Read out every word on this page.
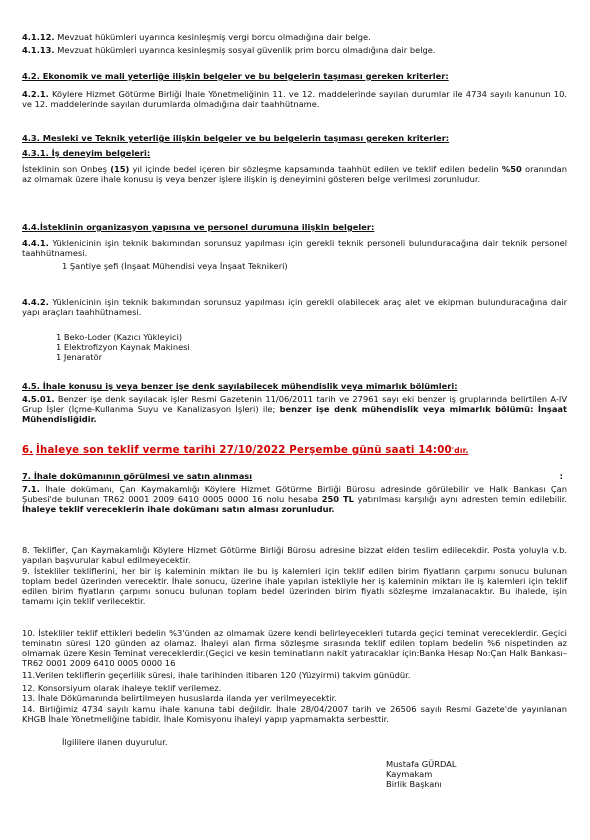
4.1.12. Mevzuat hükümleri uyarınca kesinleşmiş vergi borcu olmadığına dair belge.
4.1.13. Mevzuat hükümleri uyarınca kesinleşmiş sosyal güvenlik prim borcu olmadığına dair belge.
4.2. Ekonomik ve mali yeterliğe ilişkin belgeler ve bu belgelerin taşıması gereken kriterler:
4.2.1. Köylere Hizmet Götürme Birliği İhale Yönetmeliğinin 11. ve 12. maddelerinde sayılan durumlar ile 4734 sayılı kanunun 10. ve 12. maddelerinde sayılan durumlarda olmadığına dair taahhütname.
4.3. Mesleki ve Teknik yeterliğe ilişkin belgeler ve bu belgelerin taşıması gereken kriterler:
4.3.1. İş deneyim belgeleri:
İsteklinin son Onbeş (15) yıl içinde bedel içeren bir sözleşme kapsamında taahhüt edilen ve teklif edilen bedelin %50 oranından az olmamak üzere ihale konusu iş veya benzer işlere ilişkin iş deneyimini gösteren belge verilmesi zorunludur.
4.4.İsteklinin organizasyon yapısına ve personel durumuna ilişkin belgeler:
4.4.1. Yüklenicinin işin teknik bakımından sorunsuz yapılması için gerekli teknik personeli bulunduracağına dair teknik personel taahhütnamesi.
1 Şantiye şefi (İnşaat Mühendisi veya İnşaat Teknikeri)
4.4.2. Yüklenicinin işin teknik bakımından sorunsuz yapılması için gerekli olabilecek araç alet ve ekipman bulunduracağına dair yapı araçları taahhütnamesi.

1 Beko-Loder (Kazıcı Yükleyici)

1 Elektrofizyon Kaynak Makinesi

1 Jenaratör

4.5. İhale konusu iş veya benzer işe denk sayılabilecek mühendislik veya mimarlık bölümleri:
4.5.01. Benzer işe denk sayılacak işler Resmi Gazetenin 11/06/2011 tarih ve 27961 sayı eki benzer iş gruplarında belirtilen A-IV Grup İşler (İçme-Kullanma Suyu ve Kanalizasyon İşleri) ile; benzer işe denk mühendislik veya mimarlık bölümü: İnşaat Mühendisliğidir.
6. İhaleye son teklif verme tarihi 27/10/2022 Perşembe günü saati 14:00'dır.
7. İhale dokümanının görülmesi ve satın alınması	:
7.1. İhale dokümanı, Çan Kaymakamlığı Köylere Hizmet Götürme Birliği Bürosu adresinde görülebilir ve Halk Bankası Çan Şubesi'de bulunan TR62 0001 2009 6410 0005 0000 16 nolu hesaba 250 TL yatırılması karşılığı aynı adresten temin edilebilir. İhaleye teklif vereceklerin ihale dokümanı satın alması zorunludur.
8. Teklifler, Çan Kaymakamlığı Köylere Hizmet Götürme Birliği Bürosu adresine bizzat elden teslim edilecekdir. Posta yoluyla v.b. yapılan başvurular kabul edilmeyecektir.
9. İstekliler tekliflerini, her bir iş kaleminin miktarı ile bu iş kalemleri için teklif edilen birim fiyatların çarpımı sonucu bulunan toplam bedel üzerinden verecektir. İhale sonucu, üzerine ihale yapılan istekliyle her iş kaleminin miktarı ile iş kalemleri için teklif edilen birim fiyatların çarpımı sonucu bulunan toplam bedel üzerinden birim fiyatlı sözleşme imzalanacaktır. Bu ihalede, işin tamamı için teklif verilecektir.
10. İstekliler teklif ettikleri bedelin %3'ünden az olmamak üzere kendi belirleyecekleri tutarda geçici teminat vereceklerdir. Geçici teminatın süresi 120 günden az olamaz. İhaleyi alan firma sözleşme sırasında teklif edilen toplam bedelin %6 nispetinden az olmamak üzere Kesin Teminat vereceklerdir.(Geçici ve kesin teminatların nakit yatıracaklar için:Banka Hesap No:Çan Halk Bankası–TR62 0001 2009 6410 0005 0000 16
11.Verilen tekliflerin geçerlilik süresi, ihale tarihinden itibaren 120 (Yüzyirmi) takvim günüdür.
12. Konsorsiyum olarak ihaleye teklif verilemez.
13. İhale Dökümanında belirtilmeyen hususlarda ilanda yer verilmeyecektir.
14. Birliğimiz 4734 sayılı kamu ihale kanuna tabi değildir. İhale 28/04/2007 tarih ve 26506 sayılı Resmi Gazete'de yayınlanan KHGB İhale Yönetmeliğine tabidir. İhale Komisyonu ihaleyi yapıp yapmamakta serbesttir.
İlgililere ilanen duyurulur.

Mustafa GÜRDAL

Kaymakam

Birlik Başkanı
